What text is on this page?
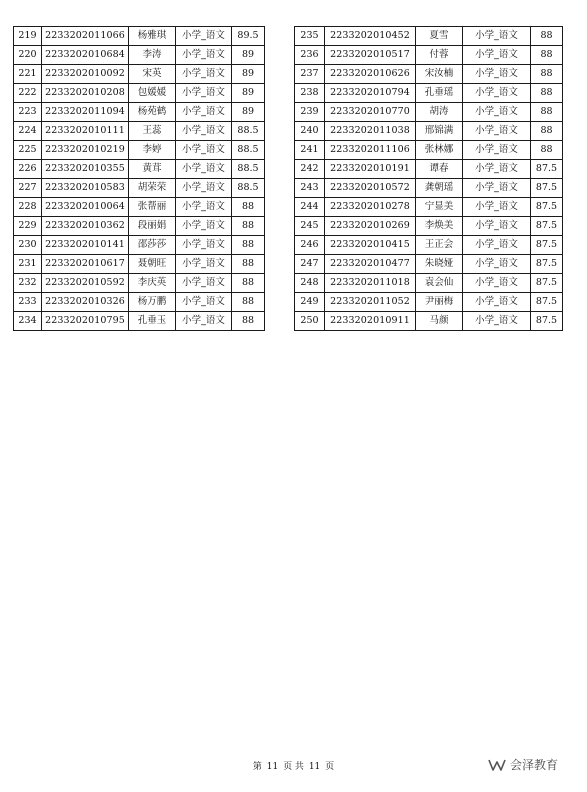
219	2233202011066	杨雅琪	小学_语文	89.5
220	2233202010684	李涛	小学_语文	89
221	2233202010092	宋英	小学_语文	89
222	2233202010208	包媛媛	小学_语文	89
223	2233202011094	杨苑鹤	小学_语文	89
224	2233202010111	王蕊	小学_语文	88.5
225	2233202010219	李婷	小学_语文	88.5
226	2233202010355	黄茸	小学_语文	88.5
227	2233202010583	胡荣荣	小学_语文	88.5
228	2233202010064	张帮丽	小学_语文	88
229	2233202010362	段丽娟	小学_语文	88
230	2233202010141	邵莎莎	小学_语文	88
231	2233202010617	聂朝旺	小学_语文	88
232	2233202010592	李庆英	小学_语文	88
233	2233202010326	杨万鹏	小学_语文	88
234	2233202010795	孔垂玉	小学_语文	88
235	2233202010452	夏雪	小学_语文	88
236	2233202010517	付蓉	小学_语文	88
237	2233202010626	宋汝楠	小学_语文	88
238	2233202010794	孔垂瑶	小学_语文	88
239	2233202010770	胡涛	小学_语文	88
240	2233202011038	邢锦满	小学_语文	88
241	2233202011106	张林娜	小学_语文	88
242	2233202010191	谭春	小学_语文	87.5
243	2233202010572	龚朝瑶	小学_语文	87.5
244	2233202010278	宁显美	小学_语文	87.5
245	2233202010269	李焕美	小学_语文	87.5
246	2233202010415	王正会	小学_语文	87.5
247	2233202010477	朱晓娅	小学_语文	87.5
248	2233202011018	袁会仙	小学_语文	87.5
249	2233202011052	尹丽梅	小学_语文	87.5
250	2233202010911	马颜	小学_语文	87.5
第 11 页 共 11 页	会泽教育
